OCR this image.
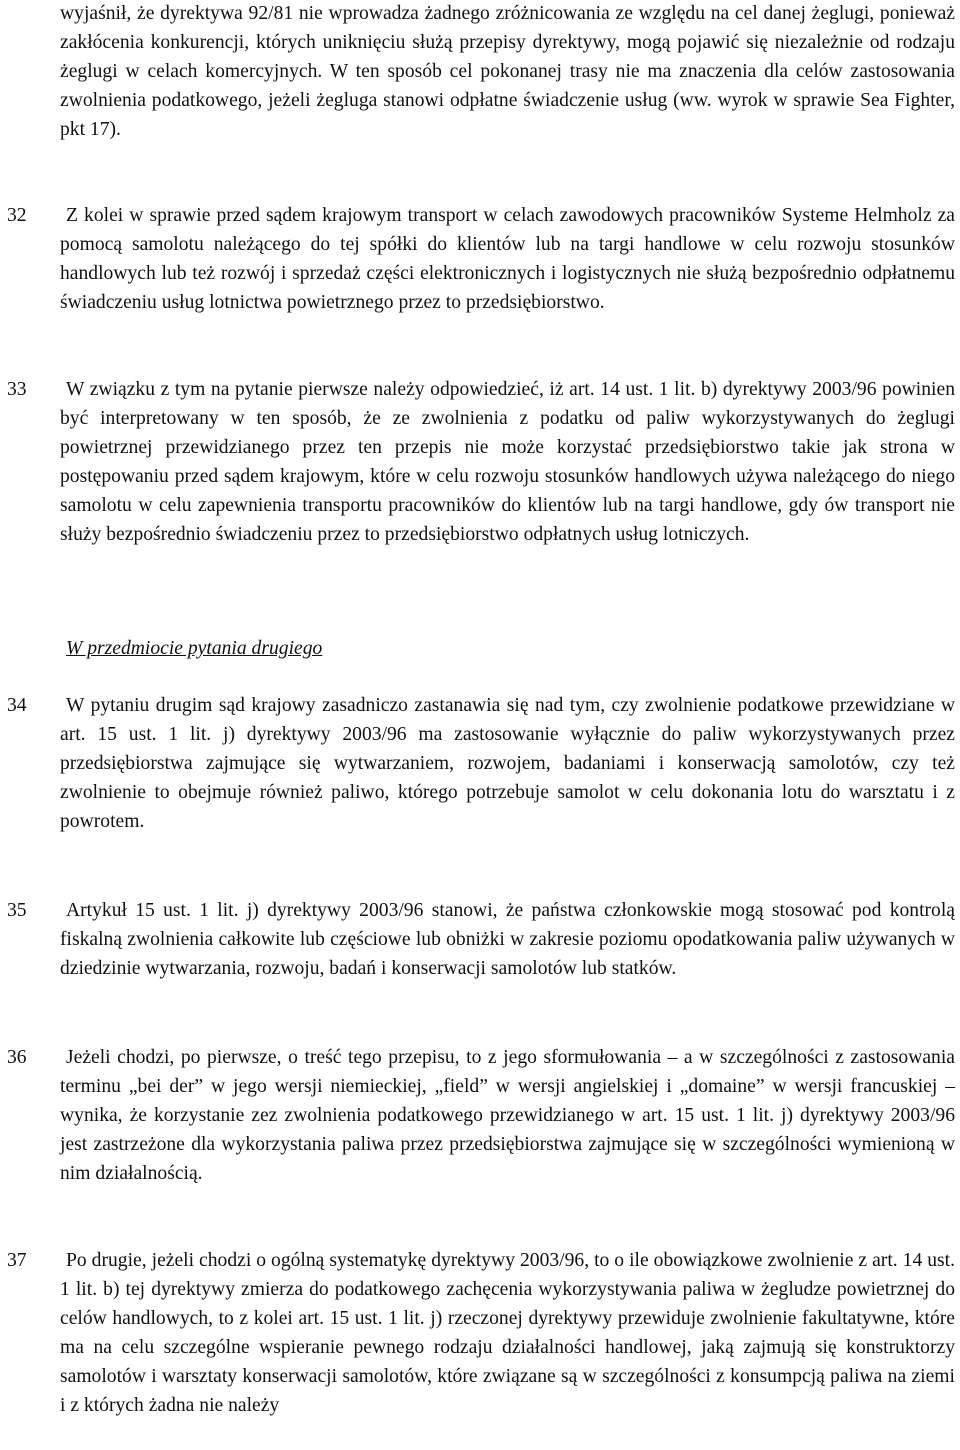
wyjaśnił, że dyrektywa 92/81 nie wprowadza żadnego zróżnicowania ze względu na cel danej żeglugi, ponieważ zakłócenia konkurencji, których uniknięciu służą przepisy dyrektywy, mogą pojawić się niezależnie od rodzaju żeglugi w celach komercyjnych. W ten sposób cel pokonanej trasy nie ma znaczenia dla celów zastosowania zwolnienia podatkowego, jeżeli żegluga stanowi odpłatne świadczenie usług (ww. wyrok w sprawie Sea Fighter, pkt 17).

32	Z kolei w sprawie przed sądem krajowym transport w celach zawodowych pracowników Systeme Helmholz za pomocą samolotu należącego do tej spółki do klientów lub na targi handlowe w celu rozwoju stosunków handlowych lub też rozwój i sprzedaż części elektronicznych i logistycznych nie służą bezpośrednio odpłatnemu świadczeniu usług lotnictwa powietrznego przez to przedsiębiorstwo.

33	W związku z tym na pytanie pierwsze należy odpowiedzieć, iż art. 14 ust. 1 lit. b) dyrektywy 2003/96 powinien być interpretowany w ten sposób, że ze zwolnienia z podatku od paliw wykorzystywanych do żeglugi powietrznej przewidzianego przez ten przepis nie może korzystać przedsiębiorstwo takie jak strona w postępowaniu przed sądem krajowym, które w celu rozwoju stosunków handlowych używa należącego do niego samolotu w celu zapewnienia transportu pracowników do klientów lub na targi handlowe, gdy ów transport nie służy bezpośrednio świadczeniu przez to przedsiębiorstwo odpłatnych usług lotniczych.

W przedmiocie pytania drugiego

34	W pytaniu drugim sąd krajowy zasadniczo zastanawia się nad tym, czy zwolnienie podatkowe przewidziane w art. 15 ust. 1 lit. j) dyrektywy 2003/96 ma zastosowanie wyłącznie do paliw wykorzystywanych przez przedsiębiorstwa zajmujące się wytwarzaniem, rozwojem, badaniami i konserwacją samolotów, czy też zwolnienie to obejmuje również paliwo, którego potrzebuje samolot w celu dokonania lotu do warsztatu i z powrotem.

35	Artykuł 15 ust. 1 lit. j) dyrektywy 2003/96 stanowi, że państwa członkowskie mogą stosować pod kontrolą fiskalną zwolnienia całkowite lub częściowe lub obniżki w zakresie poziomu opodatkowania paliw używanych w dziedzinie wytwarzania, rozwoju, badań i konserwacji samolotów lub statków.

36	Jeżeli chodzi, po pierwsze, o treść tego przepisu, to z jego sformułowania – a w szczególności z zastosowania terminu „bei der” w jego wersji niemieckiej, „field” w wersji angielskiej i „domaine” w wersji francuskiej – wynika, że korzystanie zez zwolnienia podatkowego przewidzianego w art. 15 ust. 1 lit. j) dyrektywy 2003/96 jest zastrzeżone dla wykorzystania paliwa przez przedsiębiorstwa zajmujące się w szczególności wymienioną w nim działalnością.

37	Po drugie, jeżeli chodzi o ogólną systematykę dyrektywy 2003/96, to o ile obowiązkowe zwolnienie z art. 14 ust. 1 lit. b) tej dyrektywy zmierza do podatkowego zachęcenia wykorzystywania paliwa w żegludze powietrznej do celów handlowych, to z kolei art. 15 ust. 1 lit. j) rzeczonej dyrektywy przewiduje zwolnienie fakultatywne, które ma na celu szczególne wspieranie pewnego rodzaju działalności handlowej, jaką zajmują się konstruktorzy samolotów i warsztaty konserwacji samolotów, które związane są w szczególności z konsumpcją paliwa na ziemi i z których żadna nie należy
